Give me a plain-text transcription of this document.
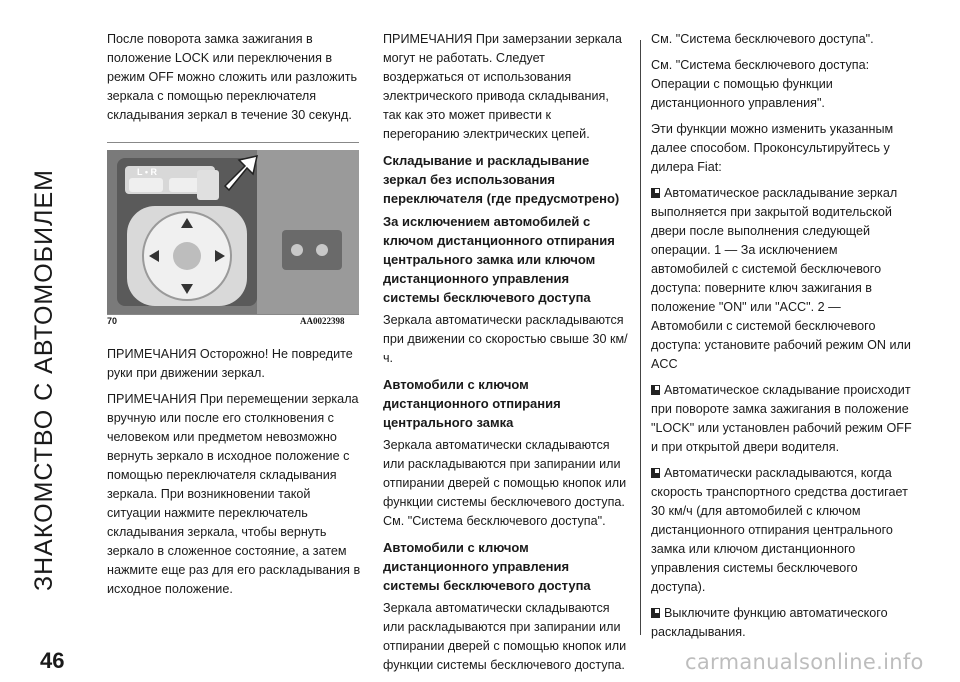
ЗНАКОМСТВО С АВТОМОБИЛЕМ

После поворота замка зажигания в положение LOCK или переключения в режим OFF можно сложить или разложить зеркала с помощью переключателя складывания зеркал в течение 30 секунд.

L • R
70	AA0022398

ПРИМЕЧАНИЯ Осторожно! Не повредите руки при движении зеркал.

ПРИМЕЧАНИЯ При перемещении зеркала вручную или после его столкновения с человеком или предметом невозможно вернуть зеркало в исходное положение с помощью переключателя складывания зеркала. При возникновении такой ситуации нажмите переключатель складывания зеркала, чтобы вернуть зеркало в сложенное состояние, а затем нажмите еще раз для его раскладывания в исходное положение.

ПРИМЕЧАНИЯ При замерзании зеркала могут не работать. Следует воздержаться от использования электрического привода складывания, так как это может привести к перегоранию электрических цепей.

Складывание и раскладывание зеркал без использования переключателя (где предусмотрено)
За исключением автомобилей с ключом дистанционного отпирания центрального замка или ключом дистанционного управления системы бесключевого доступа

Зеркала автоматически раскладываются при движении со скоростью свыше 30 км/ч.

Автомобили с ключом дистанционного отпирания центрального замка

Зеркала автоматически складываются или раскладываются при запирании или отпирании дверей с помощью кнопок или функции системы бесключевого доступа. См. "Система бесключевого доступа".

Автомобили с ключом дистанционного управления системы бесключевого доступа

Зеркала автоматически складываются или раскладываются при запирании или отпирании дверей с помощью кнопок или функции системы бесключевого доступа.

См. "Система бесключевого доступа".

См. "Система бесключевого доступа: Операции с помощью функции дистанционного управления".

Эти функции можно изменить указанным далее способом. Проконсультируйтесь у дилера Fiat:

Автоматическое раскладывание зеркал выполняется при закрытой водительской двери после выполнения следующей операции. 1 — За исключением автомобилей с системой бесключевого доступа: поверните ключ зажигания в положение "ON" или "ACC". 2 — Автомобили с системой бесключевого доступа: установите рабочий режим ON или ACC

Автоматическое складывание происходит при повороте замка зажигания в положение "LOCK" или установлен рабочий режим OFF и при открытой двери водителя.

Автоматически раскладываются, когда скорость транспортного средства достигает 30 км/ч (для автомобилей с ключом дистанционного отпирания центрального замка или ключом дистанционного управления системы бесключевого доступа).

Выключите функцию автоматического раскладывания.

46	carmanualsonline.info
